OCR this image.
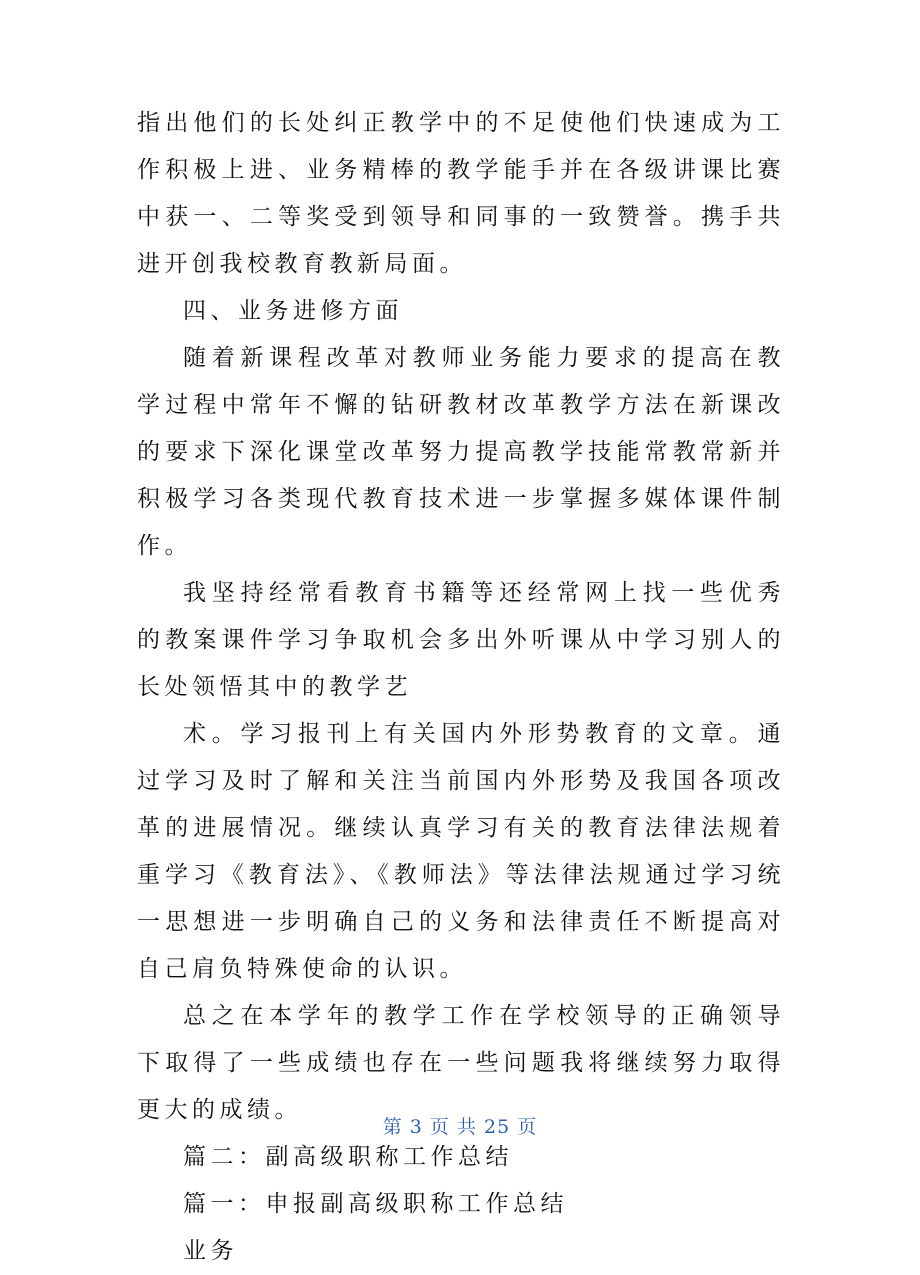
指出他们的长处纠正教学中的不足使他们快速成为工作积极上进、业务精棒的教学能手并在各级讲课比赛中获一、二等奖受到领导和同事的一致赞誉。携手共进开创我校教育教新局面。

四、业务进修方面

随着新课程改革对教师业务能力要求的提高在教学过程中常年不懈的钻研教材改革教学方法在新课改的要求下深化课堂改革努力提高教学技能常教常新并积极学习各类现代教育技术进一步掌握多媒体课件制作。

我坚持经常看教育书籍等还经常网上找一些优秀的教案课件学习争取机会多出外听课从中学习别人的长处领悟其中的教学艺

术。学习报刊上有关国内外形势教育的文章。通过学习及时了解和关注当前国内外形势及我国各项改革的进展情况。继续认真学习有关的教育法律法规着重学习《教育法》、《教师法》等法律法规通过学习统一思想进一步明确自己的义务和法律责任不断提高对自己肩负特殊使命的认识。

总之在本学年的教学工作在学校领导的正确领导下取得了一些成绩也存在一些问题我将继续努力取得更大的成绩。

篇二：副高级职称工作总结

篇一：申报副高级职称工作总结

业务

第 3 页 共 25 页
